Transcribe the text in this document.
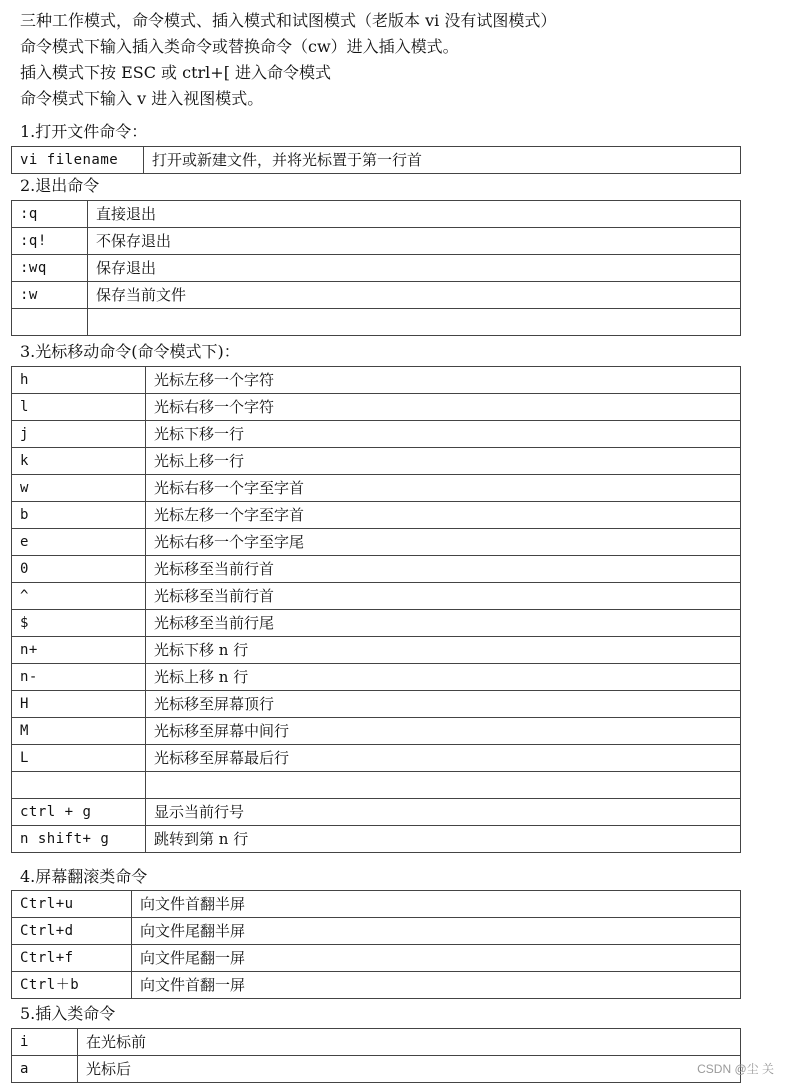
三种工作模式，命令模式、插入模式和试图模式（老版本 vi 没有试图模式）
命令模式下输入插入类命令或替换命令（cw）进入插入模式。
插入模式下按 ESC 或 ctrl+[ 进入命令模式
命令模式下输入 v 进入视图模式。
1.打开文件命令：
vi filename	打开或新建文件，并将光标置于第一行首
2.退出命令
:q	直接退出
:q!	不保存退出
:wq	保存退出
:w	保存当前文件

3.光标移动命令(命令模式下)：
h	光标左移一个字符
l	光标右移一个字符
j	光标下移一行
k	光标上移一行
w	光标右移一个字至字首
b	光标左移一个字至字首
e	光标右移一个字至字尾
0	光标移至当前行首
^	光标移至当前行首
$	光标移至当前行尾
n+	光标下移 n 行
n-	光标上移 n 行
H	光标移至屏幕顶行
M	光标移至屏幕中间行
L	光标移至屏幕最后行

ctrl + g	显示当前行号
n shift+ g	跳转到第 n 行
4.屏幕翻滚类命令
Ctrl+u	向文件首翻半屏
Ctrl+d	向文件尾翻半屏
Ctrl+f	向文件尾翻一屏
Ctrl＋b	向文件首翻一屏
5.插入类命令
i	在光标前
a	光标后	CSDN @尘 关
